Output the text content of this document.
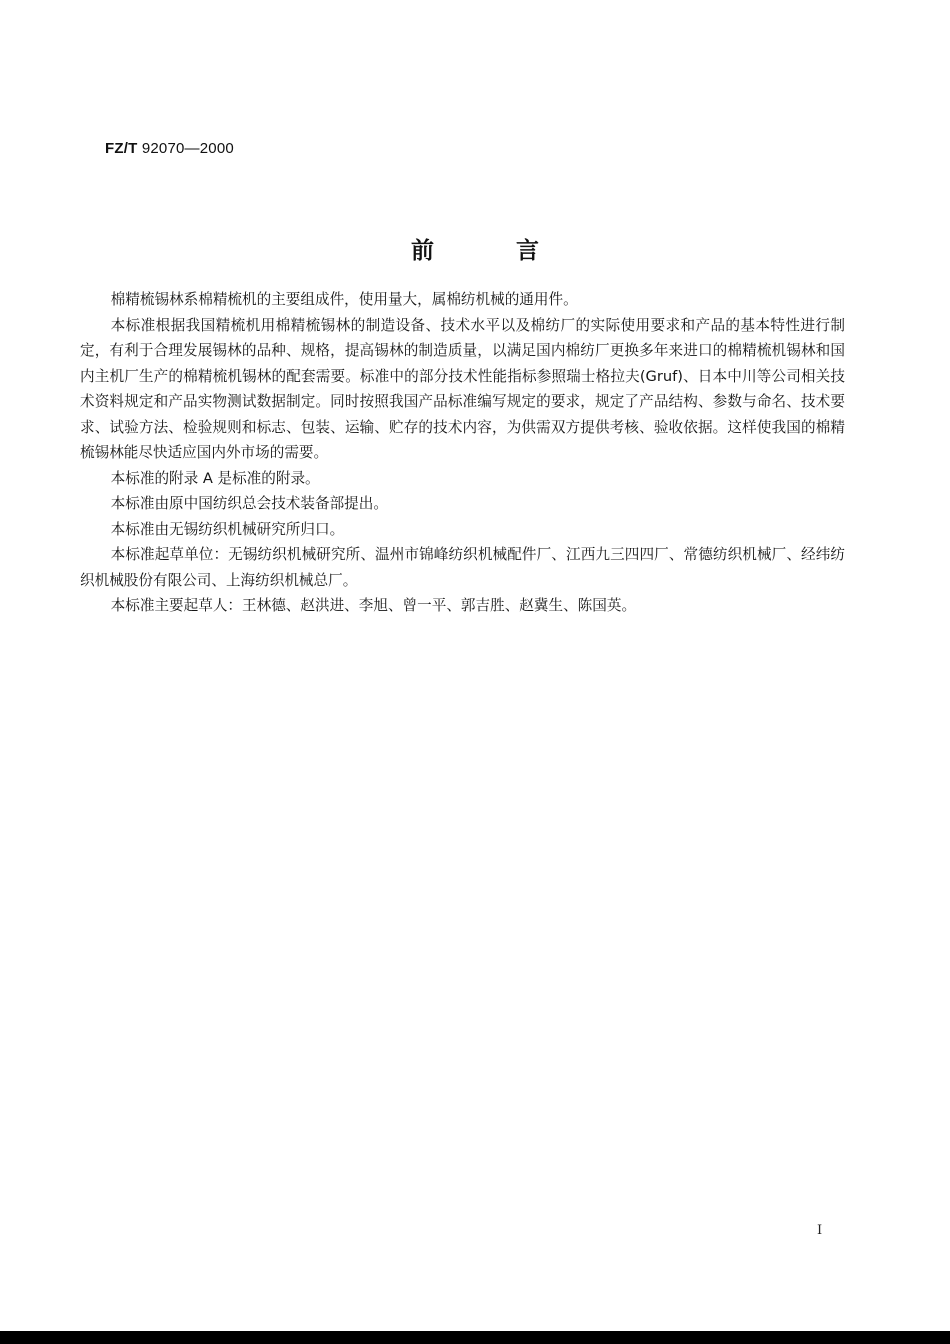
FZ/T 92070—2000
前	言

棉精梳锡林系棉精梳机的主要组成件，使用量大，属棉纺机械的通用件。

本标准根据我国精梳机用棉精梳锡林的制造设备、技术水平以及棉纺厂的实际使用要求和产品的基本特性进行制定，有利于合理发展锡林的品种、规格，提高锡林的制造质量，以满足国内棉纺厂更换多年来进口的棉精梳机锡林和国内主机厂生产的棉精梳机锡林的配套需要。标准中的部分技术性能指标参照瑞士格拉夫(Gruf)、日本中川等公司相关技术资料规定和产品实物测试数据制定。同时按照我国产品标准编写规定的要求，规定了产品结构、参数与命名、技术要求、试验方法、检验规则和标志、包装、运输、贮存的技术内容，为供需双方提供考核、验收依据。这样使我国的棉精梳锡林能尽快适应国内外市场的需要。

本标准的附录 A 是标准的附录。

本标准由原中国纺织总会技术装备部提出。

本标准由无锡纺织机械研究所归口。

本标准起草单位：无锡纺织机械研究所、温州市锦峰纺织机械配件厂、江西九三四四厂、常德纺织机械厂、经纬纺织机械股份有限公司、上海纺织机械总厂。

本标准主要起草人：王林德、赵洪进、李旭、曾一平、郭吉胜、赵冀生、陈国英。

I
